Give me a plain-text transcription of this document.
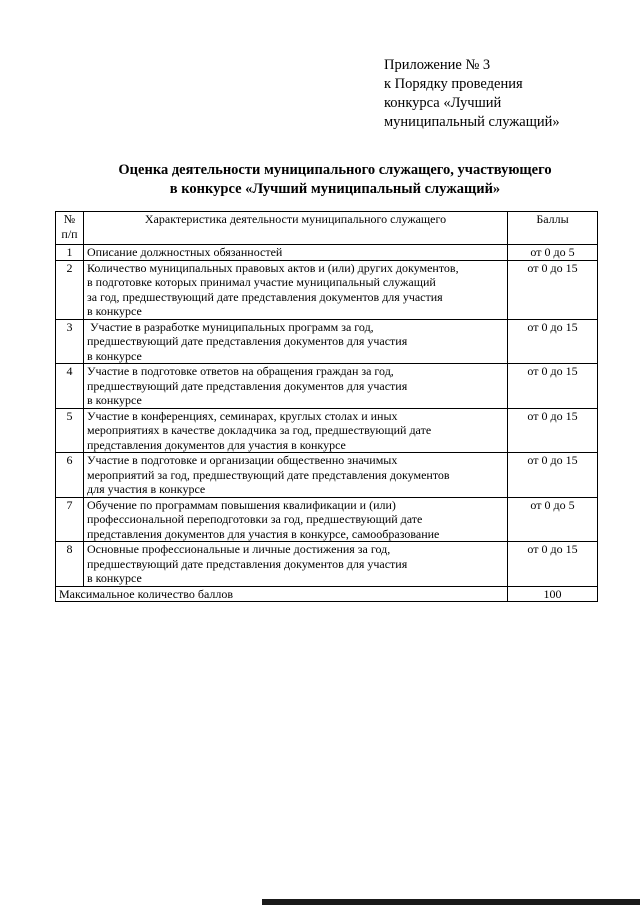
Приложение № 3
к Порядку проведения
конкурса «Лучший
муниципальный служащий»
Оценка деятельности муниципального служащего, участвующего
в конкурсе «Лучший муниципальный служащий»
№
п/п	Характеристика деятельности муниципального служащего	Баллы
1	Описание должностных обязанностей	от 0 до 5
2	Количество муниципальных правовых актов и (или) других документов,
в подготовке которых принимал участие муниципальный служащий
за год, предшествующий дате представления документов для участия
в конкурсе	от 0 до 15
3	Участие в разработке муниципальных программ за год,
предшествующий дате представления документов для участия
в конкурсе	от 0 до 15
4	Участие в подготовке ответов на обращения граждан за год,
предшествующий дате представления документов для участия
в конкурсе	от 0 до 15
5	Участие в конференциях, семинарах, круглых столах и иных
мероприятиях в качестве докладчика за год, предшествующий дате
представления документов для участия в конкурсе	от 0 до 15
6	Участие в подготовке и организации общественно значимых
мероприятий за год, предшествующий дате представления документов
для участия в конкурсе	от 0 до 15
7	Обучение по программам повышения квалификации и (или)
профессиональной переподготовки за год, предшествующий дате
представления документов для участия в конкурсе, самообразование	от 0 до 5
8	Основные профессиональные и личные достижения за год,
предшествующий дате представления документов для участия
в конкурсе	от 0 до 15
Максимальное количество баллов		100
